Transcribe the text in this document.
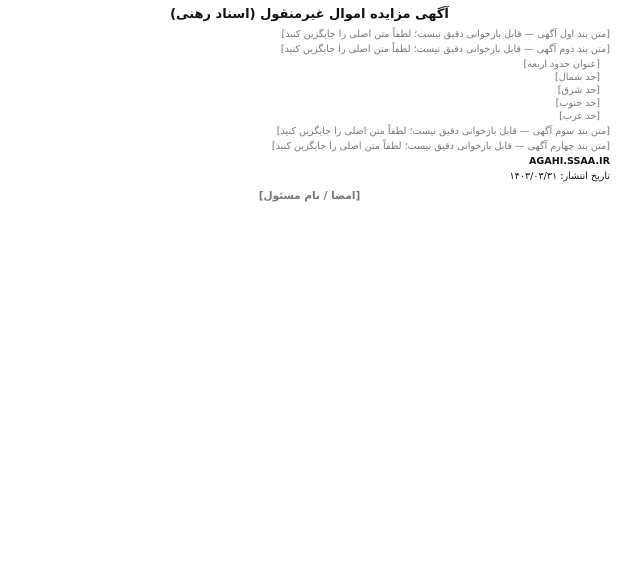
آگهی مزایده اموال غیرمنقول (اسناد رهنی)
[متن بند اول آگهی — قابل بازخوانی دقیق نیست؛ لطفاً متن اصلی را جایگزین کنید]
[متن بند دوم آگهی — قابل بازخوانی دقیق نیست؛ لطفاً متن اصلی را جایگزین کنید]
[عنوان حدود اربعه]
[حد شمال]
[حد شرق]
[حد جنوب]
[حد غرب]
[متن بند سوم آگهی — قابل بازخوانی دقیق نیست؛ لطفاً متن اصلی را جایگزین کنید]
[متن بند چهارم آگهی — قابل بازخوانی دقیق نیست؛ لطفاً متن اصلی را جایگزین کنید]
AGAHI.SSAA.IR
تاریخ انتشار: ۱۴۰۳/۰۳/۳۱
[امضا / نام مسئول]
